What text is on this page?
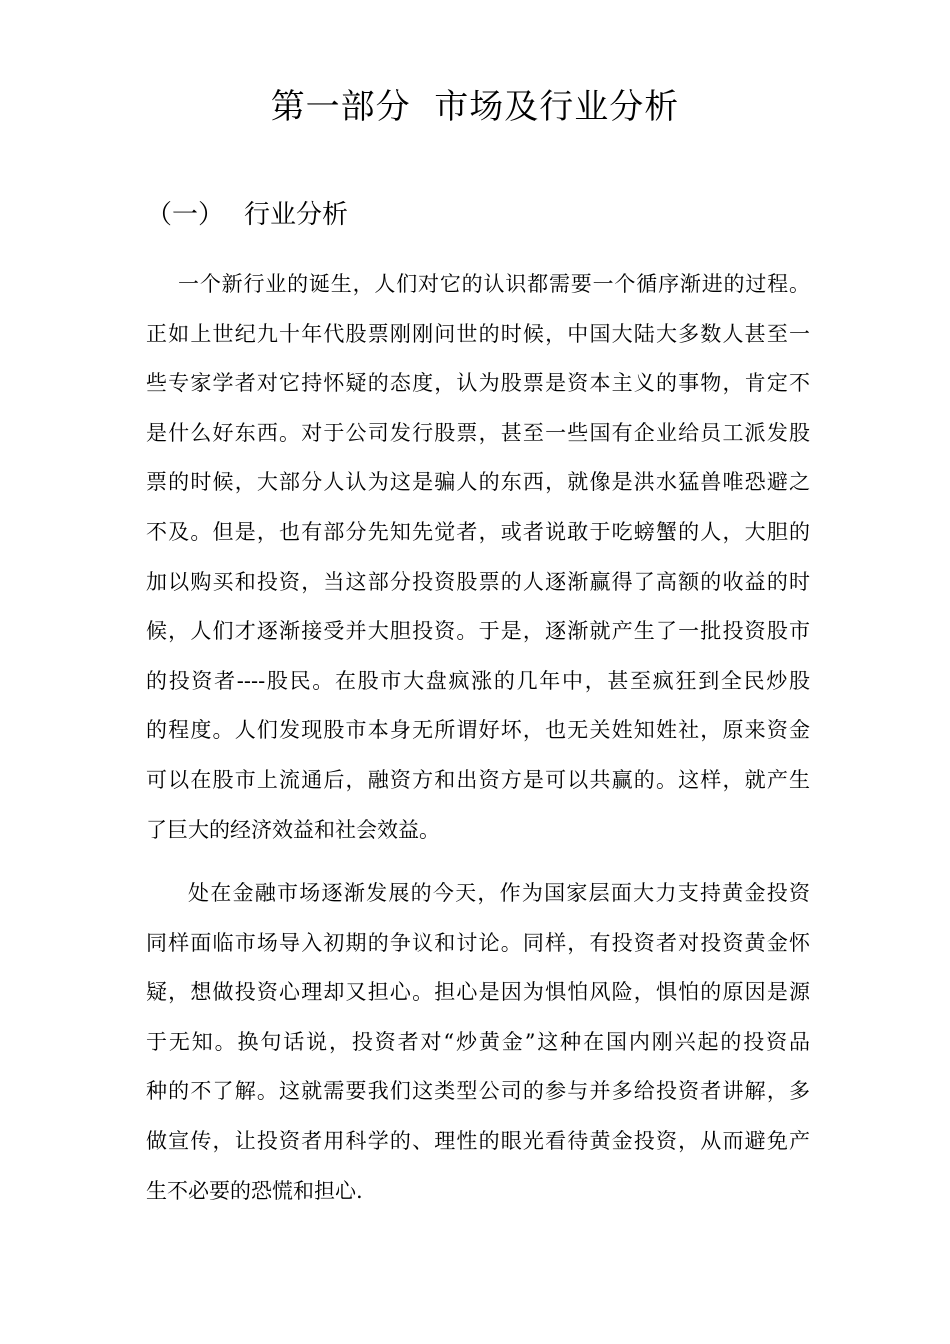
第一部分  市场及行业分析
（一） 行业分析
一个新行业的诞生，人们对它的认识都需要一个循序渐进的过程。
正如上世纪九十年代股票刚刚问世的时候，中国大陆大多数人甚至一
些专家学者对它持怀疑的态度，认为股票是资本主义的事物，肯定不
是什么好东西。对于公司发行股票，甚至一些国有企业给员工派发股
票的时候，大部分人认为这是骗人的东西，就像是洪水猛兽唯恐避之
不及。但是，也有部分先知先觉者，或者说敢于吃螃蟹的人，大胆的
加以购买和投资，当这部分投资股票的人逐渐赢得了高额的收益的时
候，人们才逐渐接受并大胆投资。于是，逐渐就产生了一批投资股市
的投资者----股民。在股市大盘疯涨的几年中，甚至疯狂到全民炒股
的程度。人们发现股市本身无所谓好坏，也无关姓知姓社，原来资金
可以在股市上流通后，融资方和出资方是可以共赢的。这样，就产生
了巨大的经济效益和社会效益。
处在金融市场逐渐发展的今天，作为国家层面大力支持黄金投资
同样面临市场导入初期的争议和讨论。同样，有投资者对投资黄金怀
疑，想做投资心理却又担心。担心是因为惧怕风险，惧怕的原因是源
于无知。换句话说，投资者对“炒黄金”这种在国内刚兴起的投资品
种的不了解。这就需要我们这类型公司的参与并多给投资者讲解，多
做宣传，让投资者用科学的、理性的眼光看待黄金投资，从而避免产
生不必要的恐慌和担心.
